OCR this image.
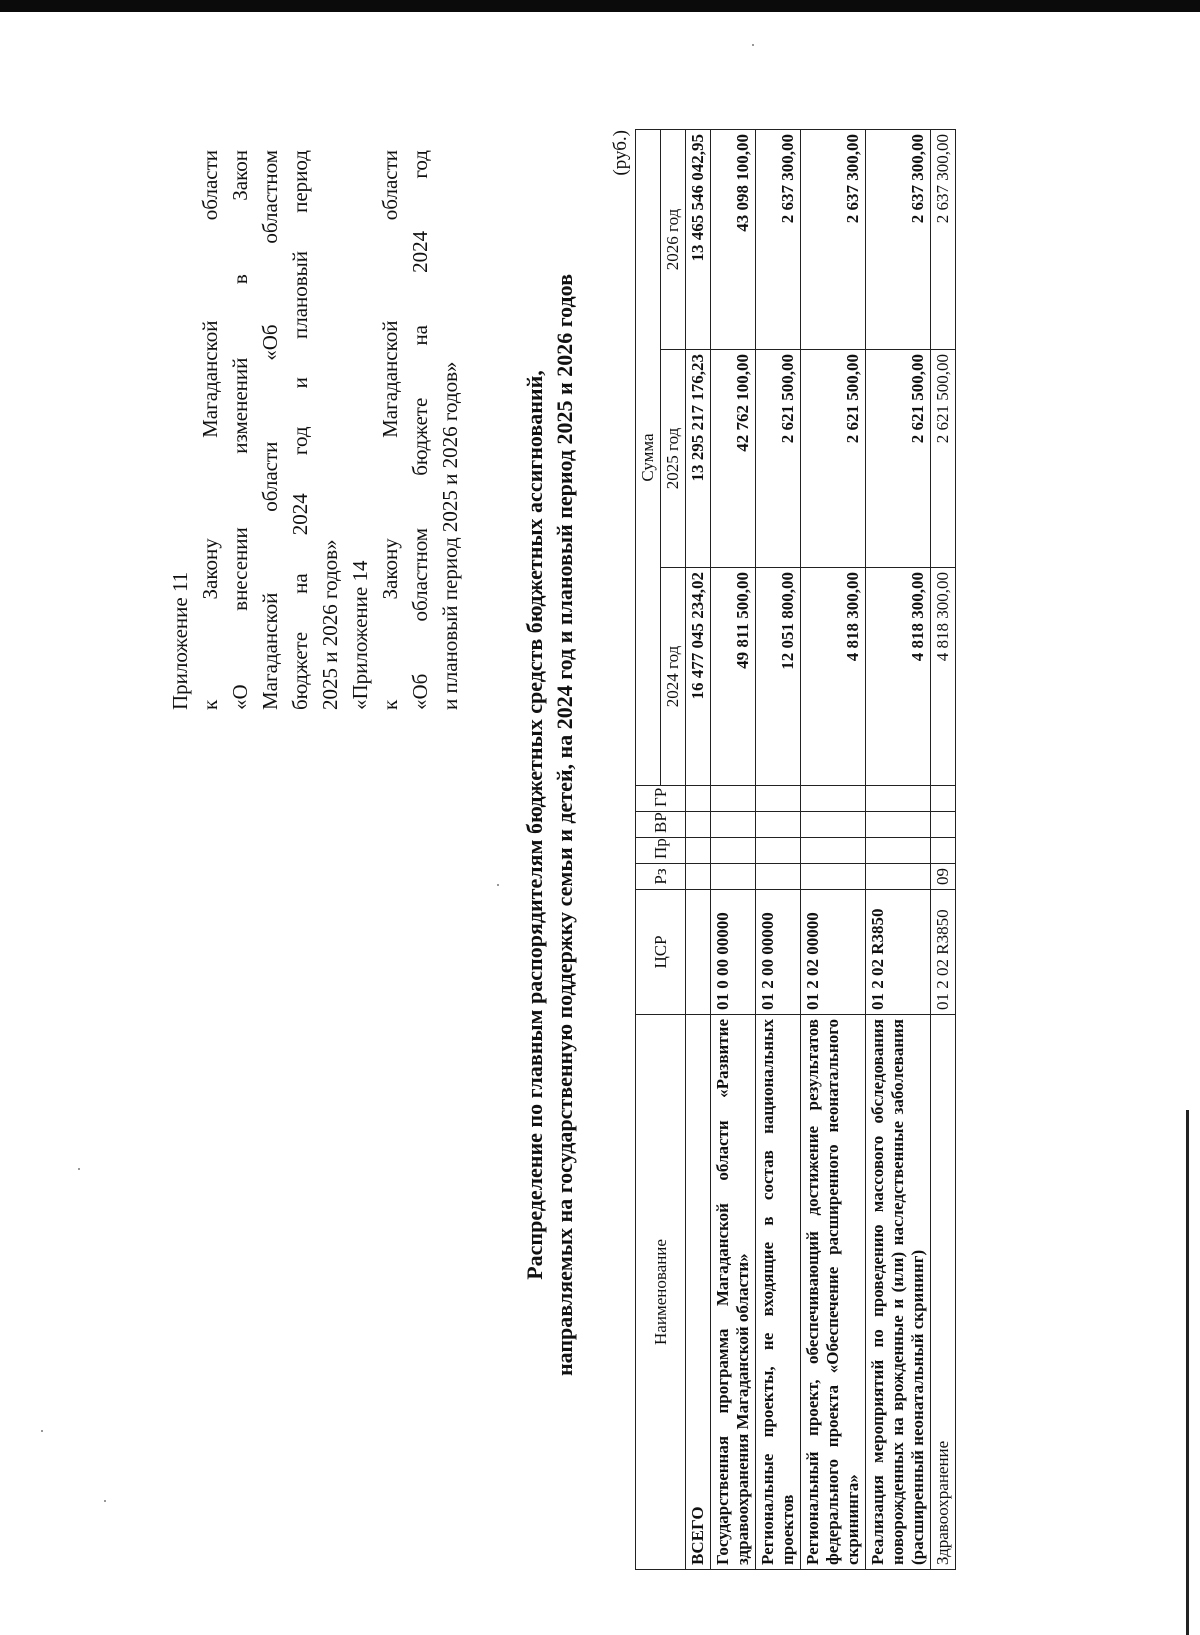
Приложение 11 к Закону Магаданской области «О внесении изменений в Закон Магаданской области «Об областном бюджете на 2024 год и плановый период 2025 и 2026 годов» «Приложение 14 к Закону Магаданской области «Об областном бюджете на 2024 год и плановый период 2025 и 2026 годов»	Распределение по главным распорядителям бюджетных средств бюджетных ассигнований, направляемых на государственную поддержку семьи и детей, на 2024 год и плановый период 2025 и 2026 годов
(руб.)
Наименование	ЦСР	Рз	Пр	ВР	ГР	Сумма		
						2024 год	2025 год	2026 год
ВСЕГО						16 477 045 234,02	13 295 217 176,23	13 465 546 042,95
Государственная программа Магаданской области «Развитие здравоохранения Магаданской области»	01 0 00 00000					49 811 500,00	42 762 100,00	43 098 100,00
Региональные проекты, не входящие в состав национальных проектов	01 2 00 00000					12 051 800,00	2 621 500,00	2 637 300,00
Региональный проект, обеспечивающий достижение результатов федерального проекта «Обеспечение расширенного неонатального скрининга»	01 2 02 00000					4 818 300,00	2 621 500,00	2 637 300,00
Реализация мероприятий по проведению массового обследования новорожденных на врожденные и (или) наследственные заболевания (расширенный неонатальный скрининг)	01 2 02 R3850					4 818 300,00	2 621 500,00	2 637 300,00
Здравоохранение	01 2 02 R3850	09				4 818 300,00	2 621 500,00	2 637 300,00
